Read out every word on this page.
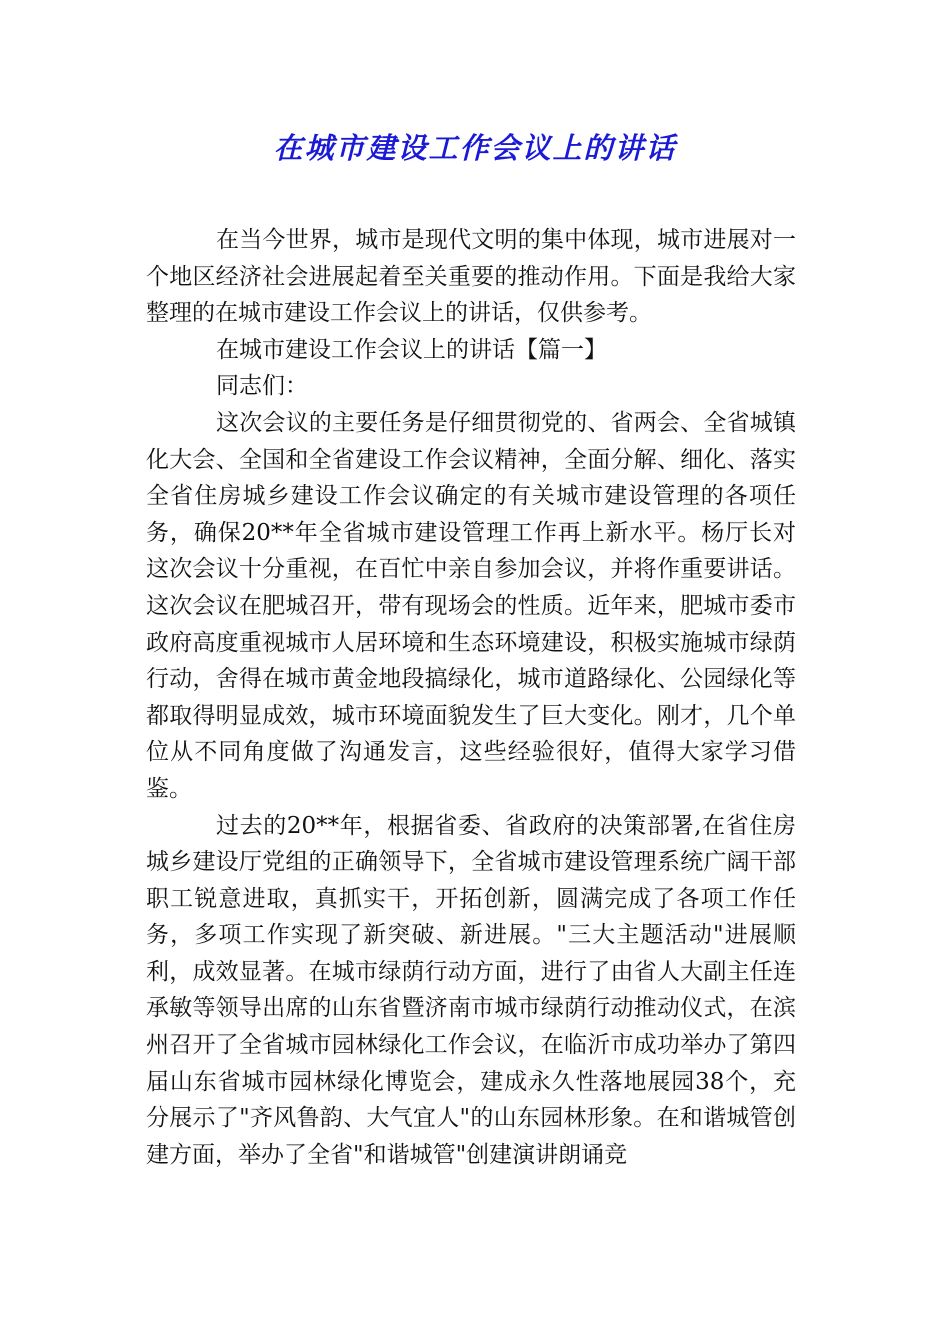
在城市建设工作会议上的讲话

在当今世界，城市是现代文明的集中体现，城市进展对一个地区经济社会进展起着至关重要的推动作用。下面是我给大家整理的在城市建设工作会议上的讲话，仅供参考。

在城市建设工作会议上的讲话【篇一】

同志们：

这次会议的主要任务是仔细贯彻党的、省两会、全省城镇化大会、全国和全省建设工作会议精神，全面分解、细化、落实全省住房城乡建设工作会议确定的有关城市建设管理的各项任务，确保20**年全省城市建设管理工作再上新水平。杨厅长对这次会议十分重视，在百忙中亲自参加会议，并将作重要讲话。这次会议在肥城召开，带有现场会的性质。近年来，肥城市委市政府高度重视城市人居环境和生态环境建设，积极实施城市绿荫行动，舍得在城市黄金地段搞绿化，城市道路绿化、公园绿化等都取得明显成效，城市环境面貌发生了巨大变化。刚才，几个单位从不同角度做了沟通发言，这些经验很好，值得大家学习借鉴。

过去的20**年，根据省委、省政府的决策部署,在省住房城乡建设厅党组的正确领导下，全省城市建设管理系统广阔干部职工锐意进取，真抓实干，开拓创新，圆满完成了各项工作任务，多项工作实现了新突破、新进展。"三大主题活动"进展顺利，成效显著。在城市绿荫行动方面，进行了由省人大副主任连承敏等领导出席的山东省暨济南市城市绿荫行动推动仪式，在滨州召开了全省城市园林绿化工作会议，在临沂市成功举办了第四届山东省城市园林绿化博览会，建成永久性落地展园38个，充分展示了"齐风鲁韵、大气宜人"的山东园林形象。在和谐城管创建方面，举办了全省"和谐城管"创建演讲朗诵竞
